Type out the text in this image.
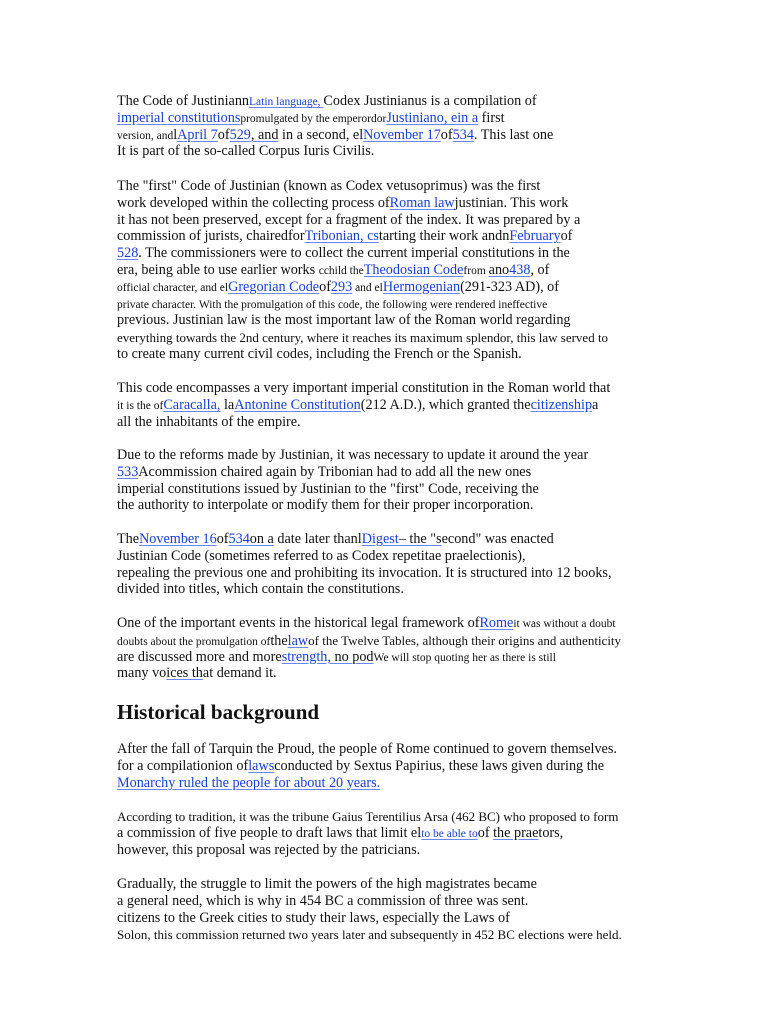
The Code of JustiniannLatin language, Codex Justinianus is a compilation of
imperial constitutionspromulgated by the emperordorJustiniano, ein a first
version, andlApril 7of529, and in a second, elNovember 17of534. This last one
It is part of the so-called Corpus Iuris Civilis.
The "first" Code of Justinian (known as Codex vetusoprimus) was the first
work developed within the collecting process ofRoman lawjustinian. This work
it has not been preserved, except for a fragment of the index. It was prepared by a
commission of jurists, chairedforTribonian, cstarting their work andnFebruaryof
528. The commissioners were to collect the current imperial constitutions in the
era, being able to use earlier works cchild theTheodosian Codefrom ano438, of
official character, and elGregorian Codeof293 and elHermogenian(291-323 AD), of
private character. With the promulgation of this code, the following were rendered ineffective
previous. Justinian law is the most important law of the Roman world regarding
everything towards the 2nd century, where it reaches its maximum splendor, this law served to
to create many current civil codes, including the French or the Spanish.
This code encompasses a very important imperial constitution in the Roman world that
it is the ofCaracalla, laAntonine Constitution(212 A.D.), which granted thecitizenshipa
all the inhabitants of the empire.
Due to the reforms made by Justinian, it was necessary to update it around the year
533Acommission chaired again by Tribonian had to add all the new ones
imperial constitutions issued by Justinian to the "first" Code, receiving the
the authority to interpolate or modify them for their proper incorporation.
TheNovember 16of534on a date later thanlDigest– the "second" was enacted
Justinian Code (sometimes referred to as Codex repetitae praelectionis),
repealing the previous one and prohibiting its invocation. It is structured into 12 books,
divided into titles, which contain the constitutions.
One of the important events in the historical legal framework ofRomeit was without a doubt
doubts about the promulgation ofthelawof the Twelve Tables, although their origins and authenticity
are discussed more and morestrength, no podWe will stop quoting her as there is still
many voices that demand it.
Historical background
After the fall of Tarquin the Proud, the people of Rome continued to govern themselves.
for a compilationion oflawsconducted by Sextus Papirius, these laws given during the
Monarchy ruled the people for about 20 years.
According to tradition, it was the tribune Gaius Terentilius Arsa (462 BC) who proposed to form
a commission of five people to draft laws that limit elto be able toof the praetors,
however, this proposal was rejected by the patricians.
Gradually, the struggle to limit the powers of the high magistrates became
a general need, which is why in 454 BC a commission of three was sent.
citizens to the Greek cities to study their laws, especially the Laws of
Solon, this commission returned two years later and subsequently in 452 BC elections were held.
